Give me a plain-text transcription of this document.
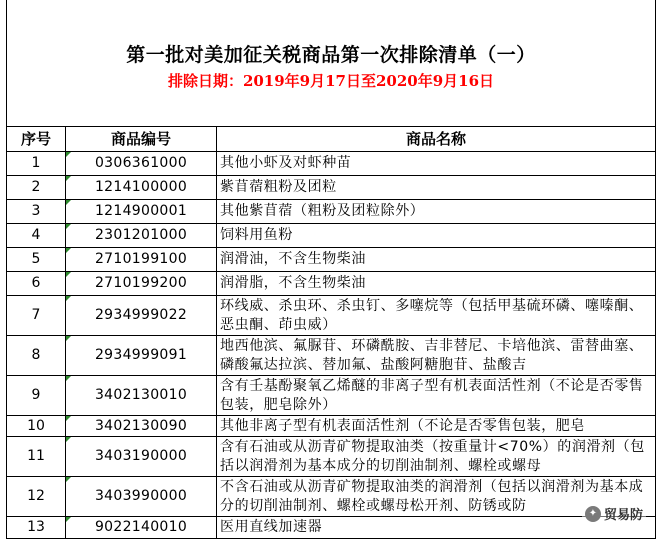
第一批对美加征关税商品第一次排除清单（一）
排除日期：2019年9月17日至2020年9月16日
序号	商品编号	商品名称
1	0306361000	其他小虾及对虾种苗
2	1214100000	紫苜蓿粗粉及团粒
3	1214900001	其他紫苜蓿（粗粉及团粒除外）
4	2301201000	饲料用鱼粉
5	2710199100	润滑油，不含生物柴油
6	2710199200	润滑脂，不含生物柴油
7	2934999022	环线威、杀虫环、杀虫钉、多噻烷等（包括甲基硫环磷、噻嗪酮、恶虫酮、茚虫威）

8	2934999091	地西他滨、氟脲苷、环磷酰胺、吉非替尼、卡培他滨、雷替曲塞、磷酸氟达拉滨、替加氟、盐酸阿糖胞苷、盐酸吉

9	3402130010	含有壬基酚聚氧乙烯醚的非离子型有机表面活性剂（不论是否零售包装，肥皂除外）

10	3402130090	其他非离子型有机表面活性剂（不论是否零售包装，肥皂

11	3403190000	含有石油或从沥青矿物提取油类（按重量计<70%）的润滑剂（包括以润滑剂为基本成分的切削油制剂、螺栓或螺母

12	3403990000	不含石油或从沥青矿物提取油类的润滑剂（包括以润滑剂为基本成分的切削油制剂、螺栓或螺母松开剂、防锈或防

13	9022140010	医用直线加速器
✦ 贸易防
